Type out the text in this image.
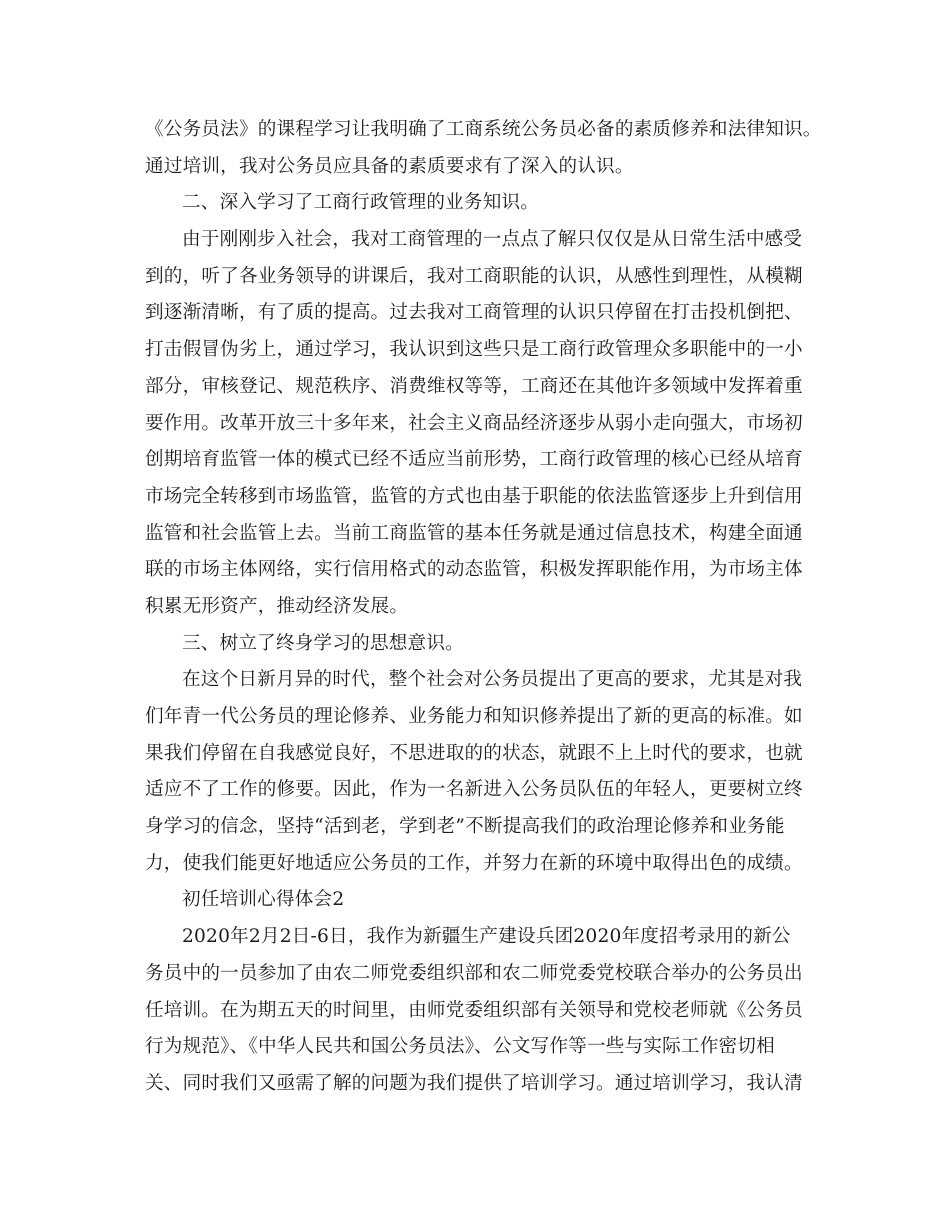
《公务员法》的课程学习让我明确了工商系统公务员必备的素质修养和法律知识。
通过培训，我对公务员应具备的素质要求有了深入的认识。
二、深入学习了工商行政管理的业务知识。
由于刚刚步入社会，我对工商管理的一点点了解只仅仅是从日常生活中感受
到的，听了各业务领导的讲课后，我对工商职能的认识，从感性到理性，从模糊
到逐渐清晰，有了质的提高。过去我对工商管理的认识只停留在打击投机倒把、
打击假冒伪劣上，通过学习，我认识到这些只是工商行政管理众多职能中的一小
部分，审核登记、规范秩序、消费维权等等，工商还在其他许多领域中发挥着重
要作用。改革开放三十多年来，社会主义商品经济逐步从弱小走向强大，市场初
创期培育监管一体的模式已经不适应当前形势，工商行政管理的核心已经从培育
市场完全转移到市场监管，监管的方式也由基于职能的依法监管逐步上升到信用
监管和社会监管上去。当前工商监管的基本任务就是通过信息技术，构建全面通
联的市场主体网络，实行信用格式的动态监管，积极发挥职能作用，为市场主体
积累无形资产，推动经济发展。
三、树立了终身学习的思想意识。
在这个日新月异的时代，整个社会对公务员提出了更高的要求，尤其是对我
们年青一代公务员的理论修养、业务能力和知识修养提出了新的更高的标准。如
果我们停留在自我感觉良好，不思进取的的状态，就跟不上上时代的要求，也就
适应不了工作的修要。因此，作为一名新进入公务员队伍的年轻人，更要树立终
身学习的信念，坚持“活到老，学到老”不断提高我们的政治理论修养和业务能
力，使我们能更好地适应公务员的工作，并努力在新的环境中取得出色的成绩。
初任培训心得体会2
2020年2月2日-6日，我作为新疆生产建设兵团2020年度招考录用的新公
务员中的一员参加了由农二师党委组织部和农二师党委党校联合举办的公务员出
任培训。在为期五天的时间里，由师党委组织部有关领导和党校老师就《公务员
行为规范》、《中华人民共和国公务员法》、公文写作等一些与实际工作密切相
关、同时我们又亟需了解的问题为我们提供了培训学习。通过培训学习，我认清
